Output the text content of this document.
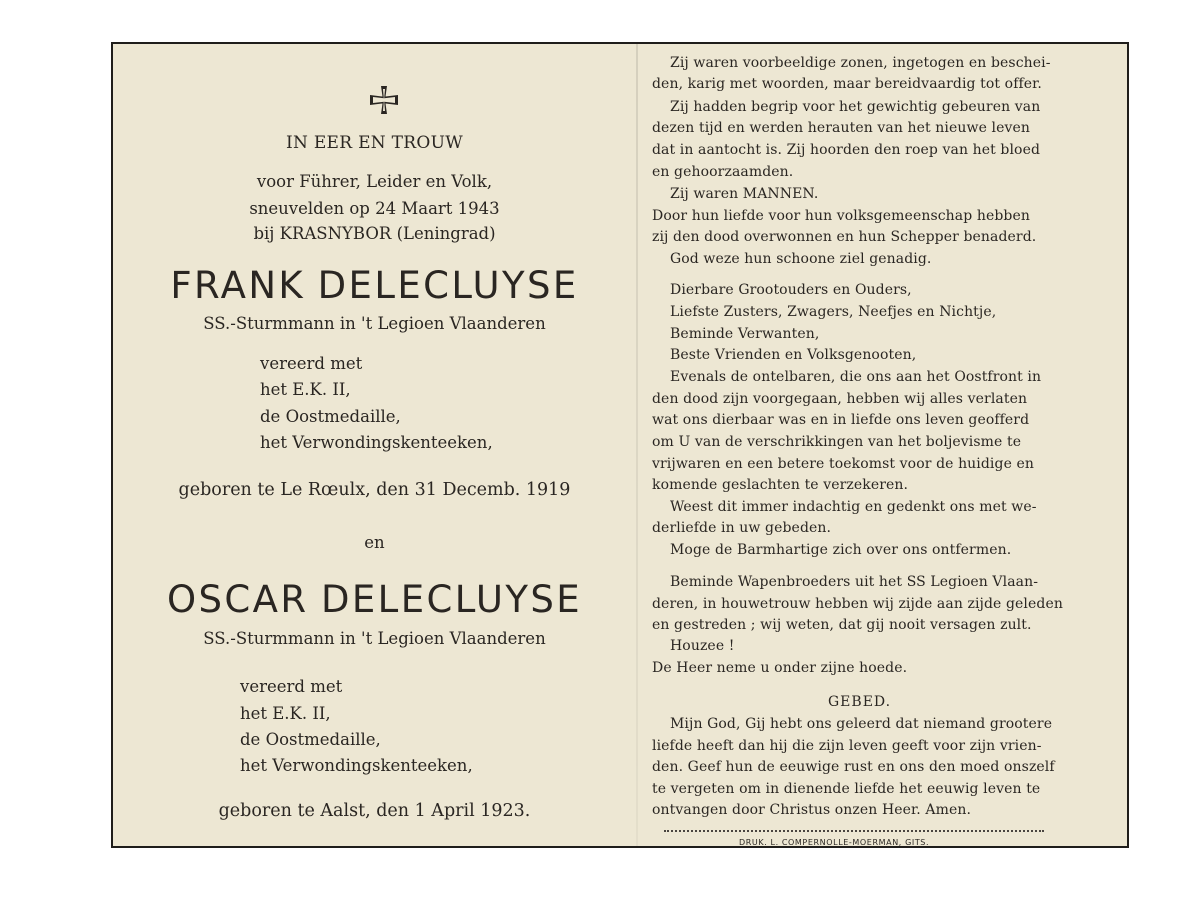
IN EER EN TROUW
voor Führer, Leider en Volk,
sneuvelden op 24 Maart 1943
bij KRASNYBOR (Leningrad)
FRANK DELECLUYSE
SS.-Sturmmann in 't Legioen Vlaanderen
vereerd met
het E.K. II,
de Oostmedaille,
het Verwondingskenteeken,
geboren te Le Rœulx, den 31 Decemb. 1919
en
OSCAR DELECLUYSE
SS.-Sturmmann in 't Legioen Vlaanderen
vereerd met
het E.K. II,
de Oostmedaille,
het Verwondingskenteeken,
geboren te Aalst, den 1 April 1923.
Zij waren voorbeeldige zonen, ingetogen en beschei-
den, karig met woorden, maar bereidvaardig tot offer.
Zij hadden begrip voor het gewichtig gebeuren van
dezen tijd en werden herauten van het nieuwe leven
dat in aantocht is. Zij hoorden den roep van het bloed
en gehoorzaamden.
Zij waren MANNEN.
Door hun liefde voor hun volksgemeenschap hebben
zij den dood overwonnen en hun Schepper benaderd.
God weze hun schoone ziel genadig.
Dierbare Grootouders en Ouders,
Liefste Zusters, Zwagers, Neefjes en Nichtje,
Beminde Verwanten,
Beste Vrienden en Volksgenooten,
Evenals de ontelbaren, die ons aan het Oostfront in
den dood zijn voorgegaan, hebben wij alles verlaten
wat ons dierbaar was en in liefde ons leven geofferd
om U van de verschrikkingen van het boljevisme te
vrijwaren en een betere toekomst voor de huidige en
komende geslachten te verzekeren.
Weest dit immer indachtig en gedenkt ons met we-
derliefde in uw gebeden.
Moge de Barmhartige zich over ons ontfermen.
Beminde Wapenbroeders uit het SS Legioen Vlaan-
deren, in houwetrouw hebben wij zijde aan zijde geleden
en gestreden ; wij weten, dat gij nooit versagen zult.
Houzee !
De Heer neme u onder zijne hoede.
GEBED.
Mijn God, Gij hebt ons geleerd dat niemand grootere
liefde heeft dan hij die zijn leven geeft voor zijn vrien-
den. Geef hun de eeuwige rust en ons den moed onszelf
te vergeten om in dienende liefde het eeuwig leven te
ontvangen door Christus onzen Heer. Amen.
DRUK. L. COMPERNOLLE-MOERMAN, GITS.
